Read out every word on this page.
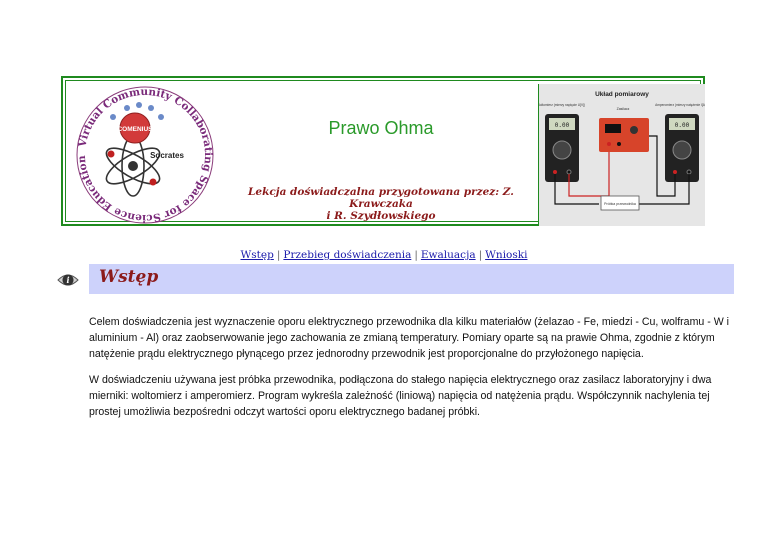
Virtual Community Collaborating Space for Science Education
COMENIUS
Socrates
Prawo Ohma
Lekcja doświadczalna przygotowana przez: Z.
Krawczaka
i R. Szydłowskiego
Układ pomiarowy
Woltomierz (mierzy napięcie U[V])
Zasilacz
Amperomierz (mierzy natężenie I[A])
0.00	0.00
Próbka przewodnika
Wstęp | Przebieg doświadczenia | Ewaluacja | Wnioski
i Wstęp
Celem doświadczenia jest wyznaczenie oporu elektrycznego przewodnika dla kilku materiałów (żelazao - Fe, miedzi - Cu, wolframu - W i aluminium - Al) oraz zaobserwowanie jego zachowania ze zmianą temperatury. Pomiary oparte są na prawie Ohma, zgodnie z którym natężenie prądu elektrycznego płynącego przez jednorodny przewodnik jest proporcjonalne do przyłożonego napięcia.
W doświadczeniu używana jest próbka przewodnika, podłączona do stałego napięcia elektrycznego oraz zasilacz laboratoryjny i dwa mierniki: woltomierz i amperomierz. Program wykreśla zależność (liniową) napięcia od natężenia prądu. Współczynnik nachylenia tej prostej umożliwia bezpośredni odczyt wartości oporu elektrycznego badanej próbki.
